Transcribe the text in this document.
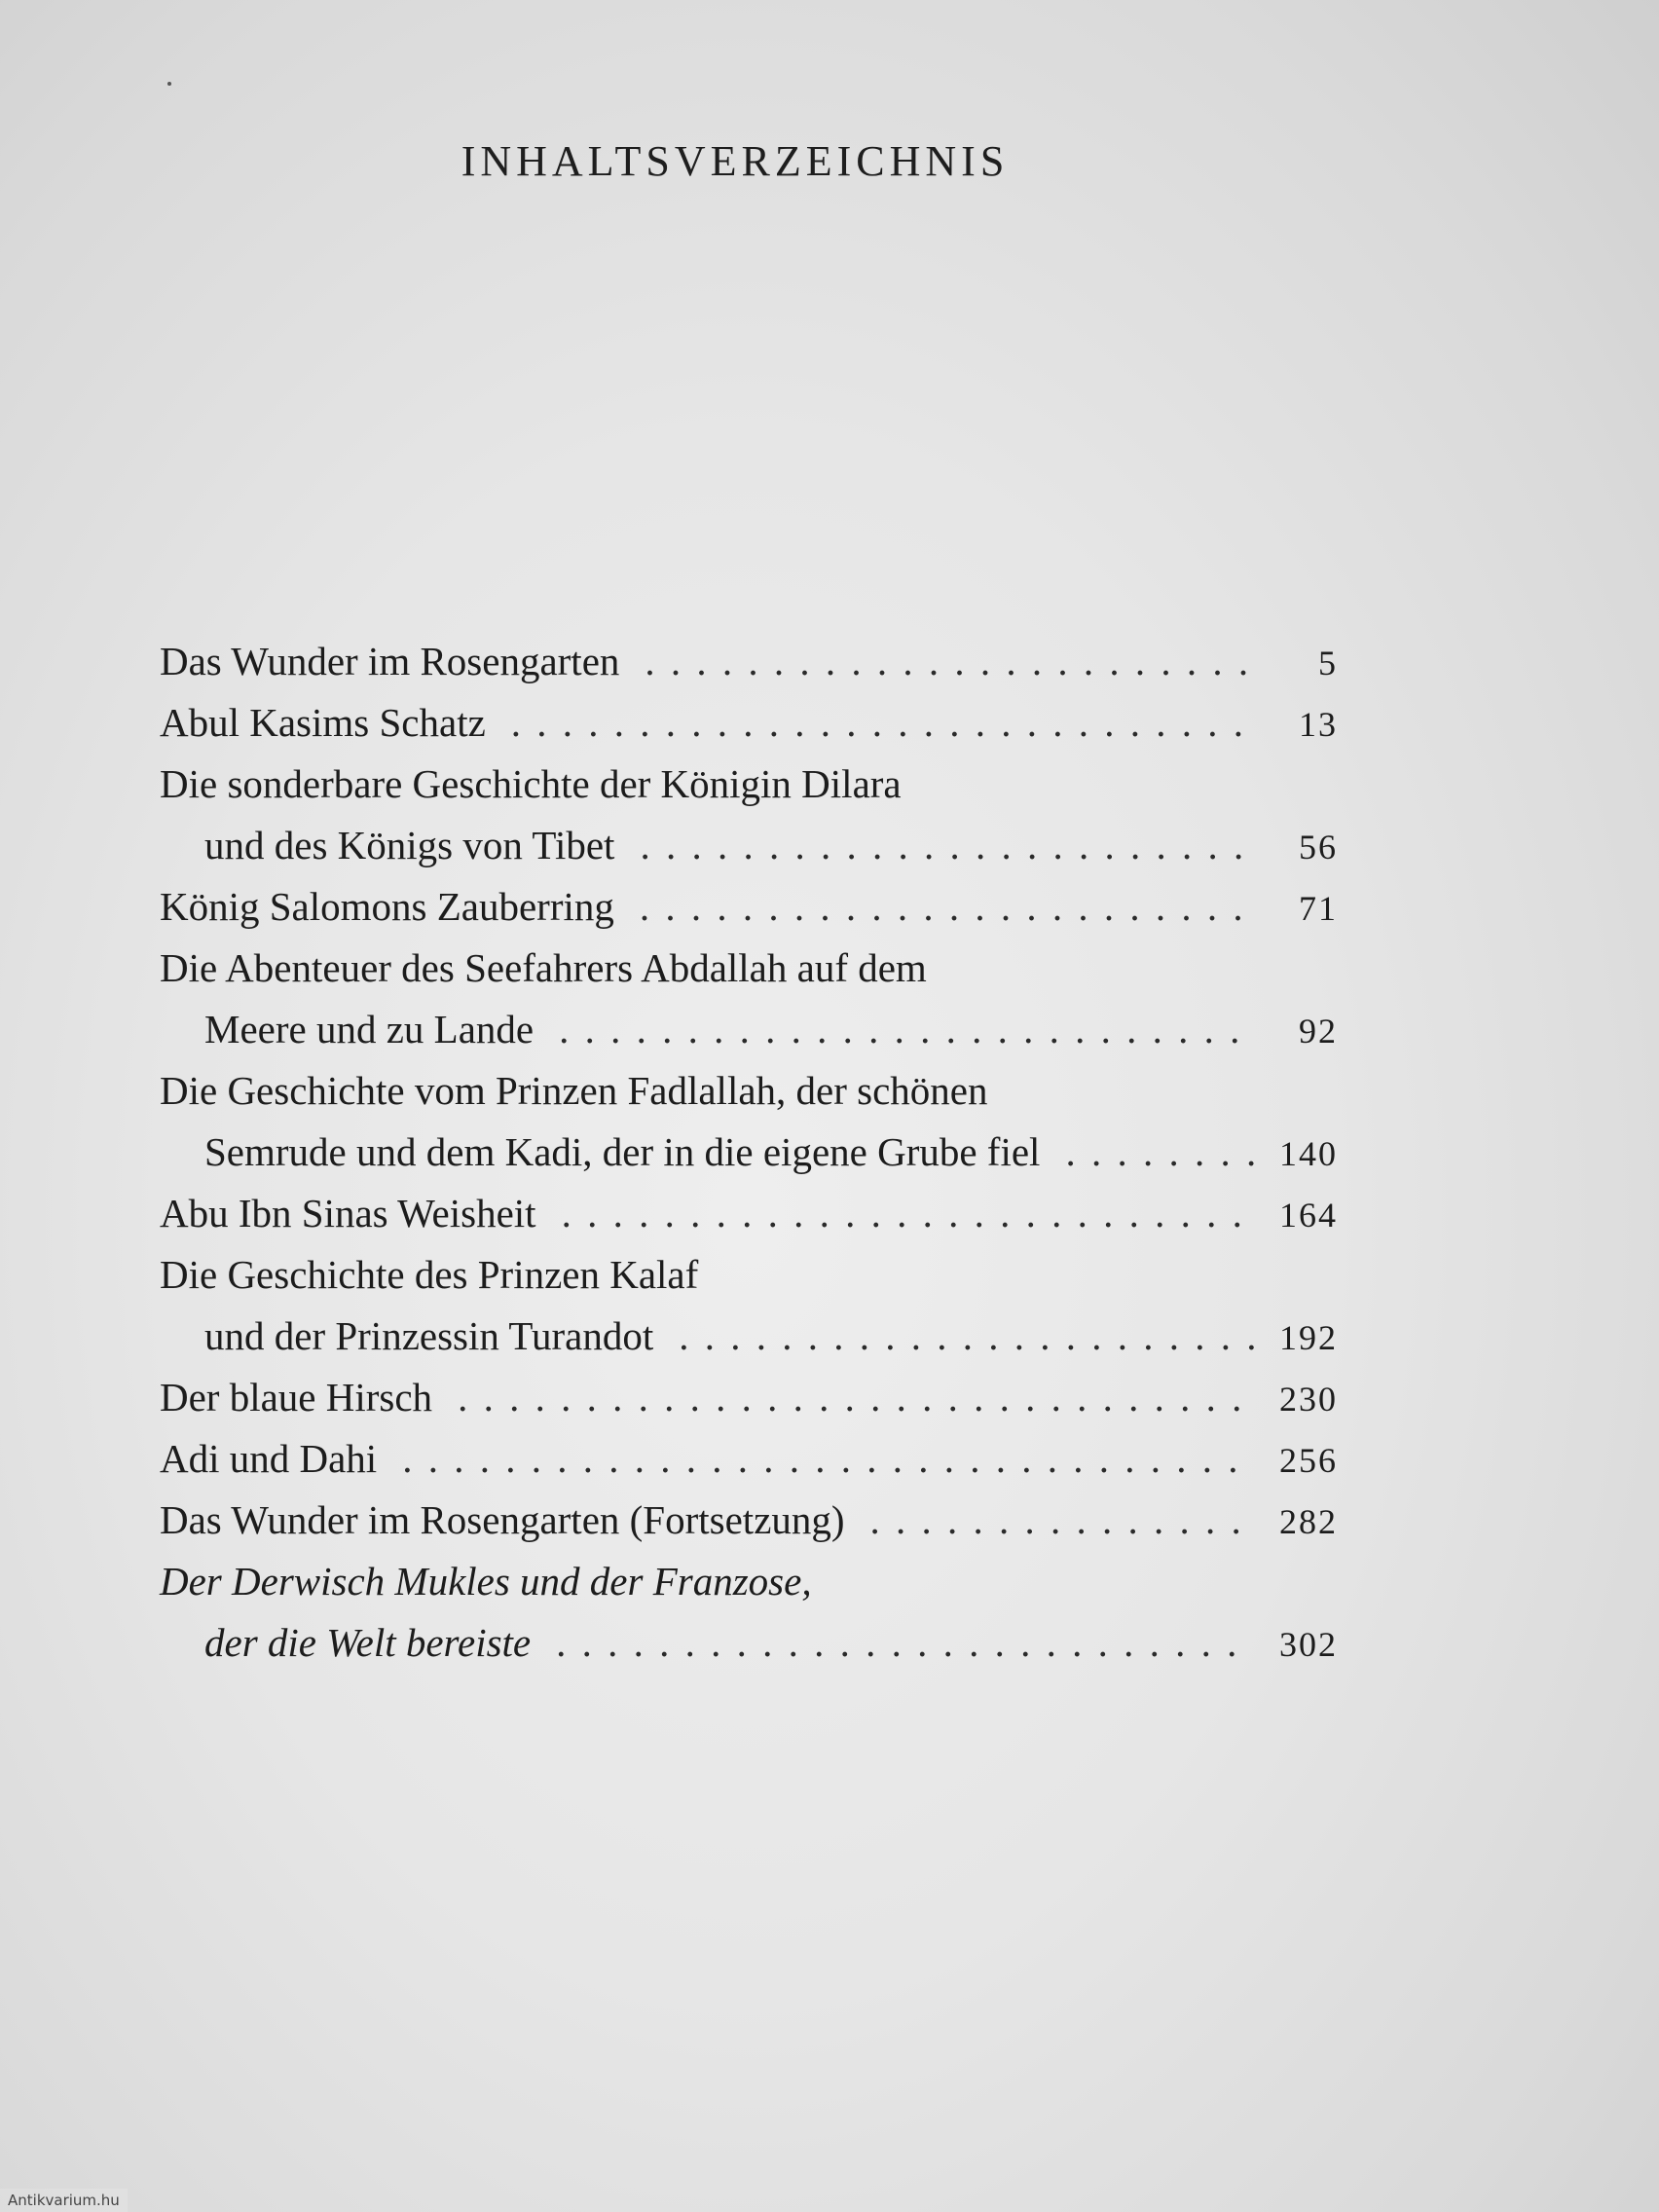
INHALTSVERZEICHNIS
Das Wunder im Rosengarten . . .	5
Abul Kasims Schatz . . .	13
Die sonderbare Geschichte der Königin Dilara
und des Königs von Tibet . . .	56
König Salomons Zauberring . . .	71
Die Abenteuer des Seefahrers Abdallah auf dem
Meere und zu Lande . . .	92
Die Geschichte vom Prinzen Fadlallah, der schönen
Semrude und dem Kadi, der in die eigene Grube fiel . . .	140
Abu Ibn Sinas Weisheit . . .	164
Die Geschichte des Prinzen Kalaf
und der Prinzessin Turandot . . .	192
Der blaue Hirsch . . .	230
Adi und Dahi . . .	256
Das Wunder im Rosengarten (Fortsetzung) . . .	282
Der Derwisch Mukles und der Franzose,
der die Welt bereiste . . .	302
Antikvarium.hu
